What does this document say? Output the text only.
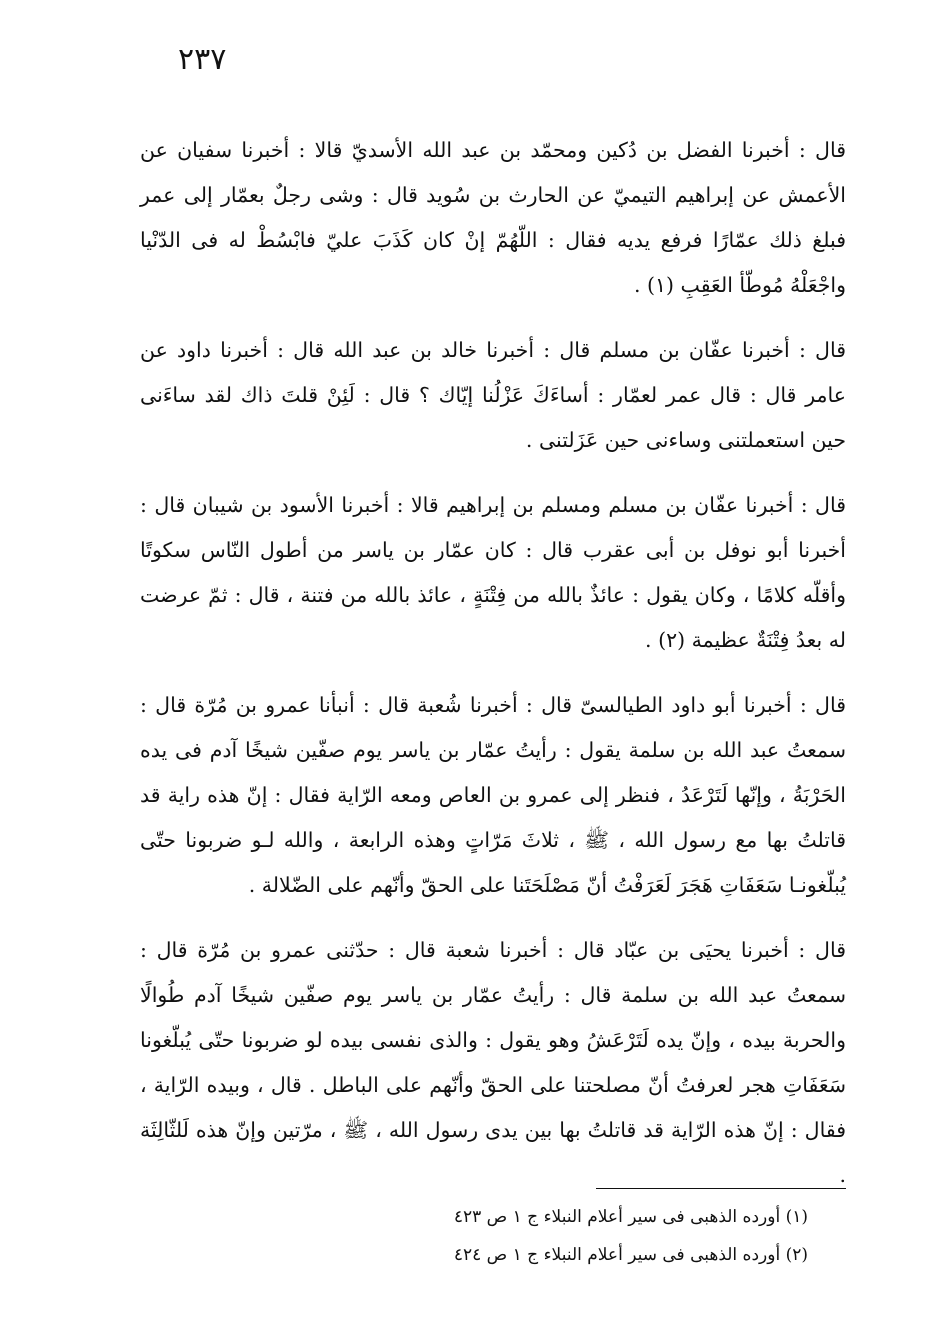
٢٣٧

قال : أخبرنا الفضل بن دُكين ومحمّد بن عبد الله الأسديّ قالا : أخبرنا سفيان عن الأعمش عن إبراهيم التيميّ عن الحارث بن سُويد قال : وشى رجلٌ بعمّار إلى عمر فبلغ ذلك عمّارًا فرفع يديه فقال : اللّهُمّ إنْ كان كَذَبَ عليّ فابْسُطْ له فى الدّنْيا واجْعَلْهُ مُوطّأ العَقِبِ (١) .

قال : أخبرنا عفّان بن مسلم قال : أخبرنا خالد بن عبد الله قال : أخبرنا داود عن عامر قال : قال عمر لعمّار : أساءَكَ عَزْلُنا إيّاك ؟ قال : لَئِنْ قلتَ ذاك لقد ساءَنى حين استعملتنى وساءنى حين عَزَلتنى .

قال : أخبرنا عفّان بن مسلم ومسلم بن إبراهيم قالا : أخبرنا الأسود بن شيبان قال : أخبرنا أبو نوفل بن أبى عقرب قال : كان عمّار بن ياسر من أطول النّاس سكوتًا وأقلّه كلامًا ، وكان يقول : عائذٌ بالله من فِتْنَةٍ ، عائذ بالله من فتنة ، قال : ثمّ عرضت له بعدُ فِتْنَةٌ عظيمة (٢) .

قال : أخبرنا أبو داود الطيالسىّ قال : أخبرنا شُعبة قال : أنبأنا عمرو بن مُرّة قال : سمعتُ عبد الله بن سلمة يقول : رأيتُ عمّار بن ياسر يوم صفّين شيخًا آدم فى يده الحَرْبَةُ ، وإنّها لَتَرْعَدُ ، فنظر إلى عمرو بن العاص ومعه الرّاية فقال : إنّ هذه راية قد قاتلتُ بها مع رسول الله ، ﷺ ، ثلاثَ مَرّاتٍ وهذه الرابعة ، والله لـو ضربونا حتّى يُبلّغونـا سَعَفَاتِ هَجَرَ لَعَرَفْتُ أنّ مَصْلَحَتَنا على الحقّ وأنّهم على الضّلالة .

قال : أخبرنا يحيَى بن عبّاد قال : أخبرنا شعبة قال : حدّثنى عمرو بن مُرّة قال : سمعتُ عبد الله بن سلمة قال : رأيتُ عمّار بن ياسر يوم صفّين شيخًا آدم طُوالًا والحربة بيده ، وإنّ يده لَتَرْعَشُ وهو يقول : والذى نفسى بيده لو ضربونا حتّى يُبلّغونا سَعَفَاتِ هجر لعرفتُ أنّ مصلحتنا على الحقّ وأنّهم على الباطل . قال ، وبيده الرّاية ، فقال : إنّ هذه الرّاية قد قاتلتُ بها بين يدى رسول الله ، ﷺ ، مرّتين وإنّ هذه لَلثّالِثَة .

(١) أورده الذهبى فى سير أعلام النبلاء ج ١ ص ٤٢٣
(٢) أورده الذهبى فى سير أعلام النبلاء ج ١ ص ٤٢٤
